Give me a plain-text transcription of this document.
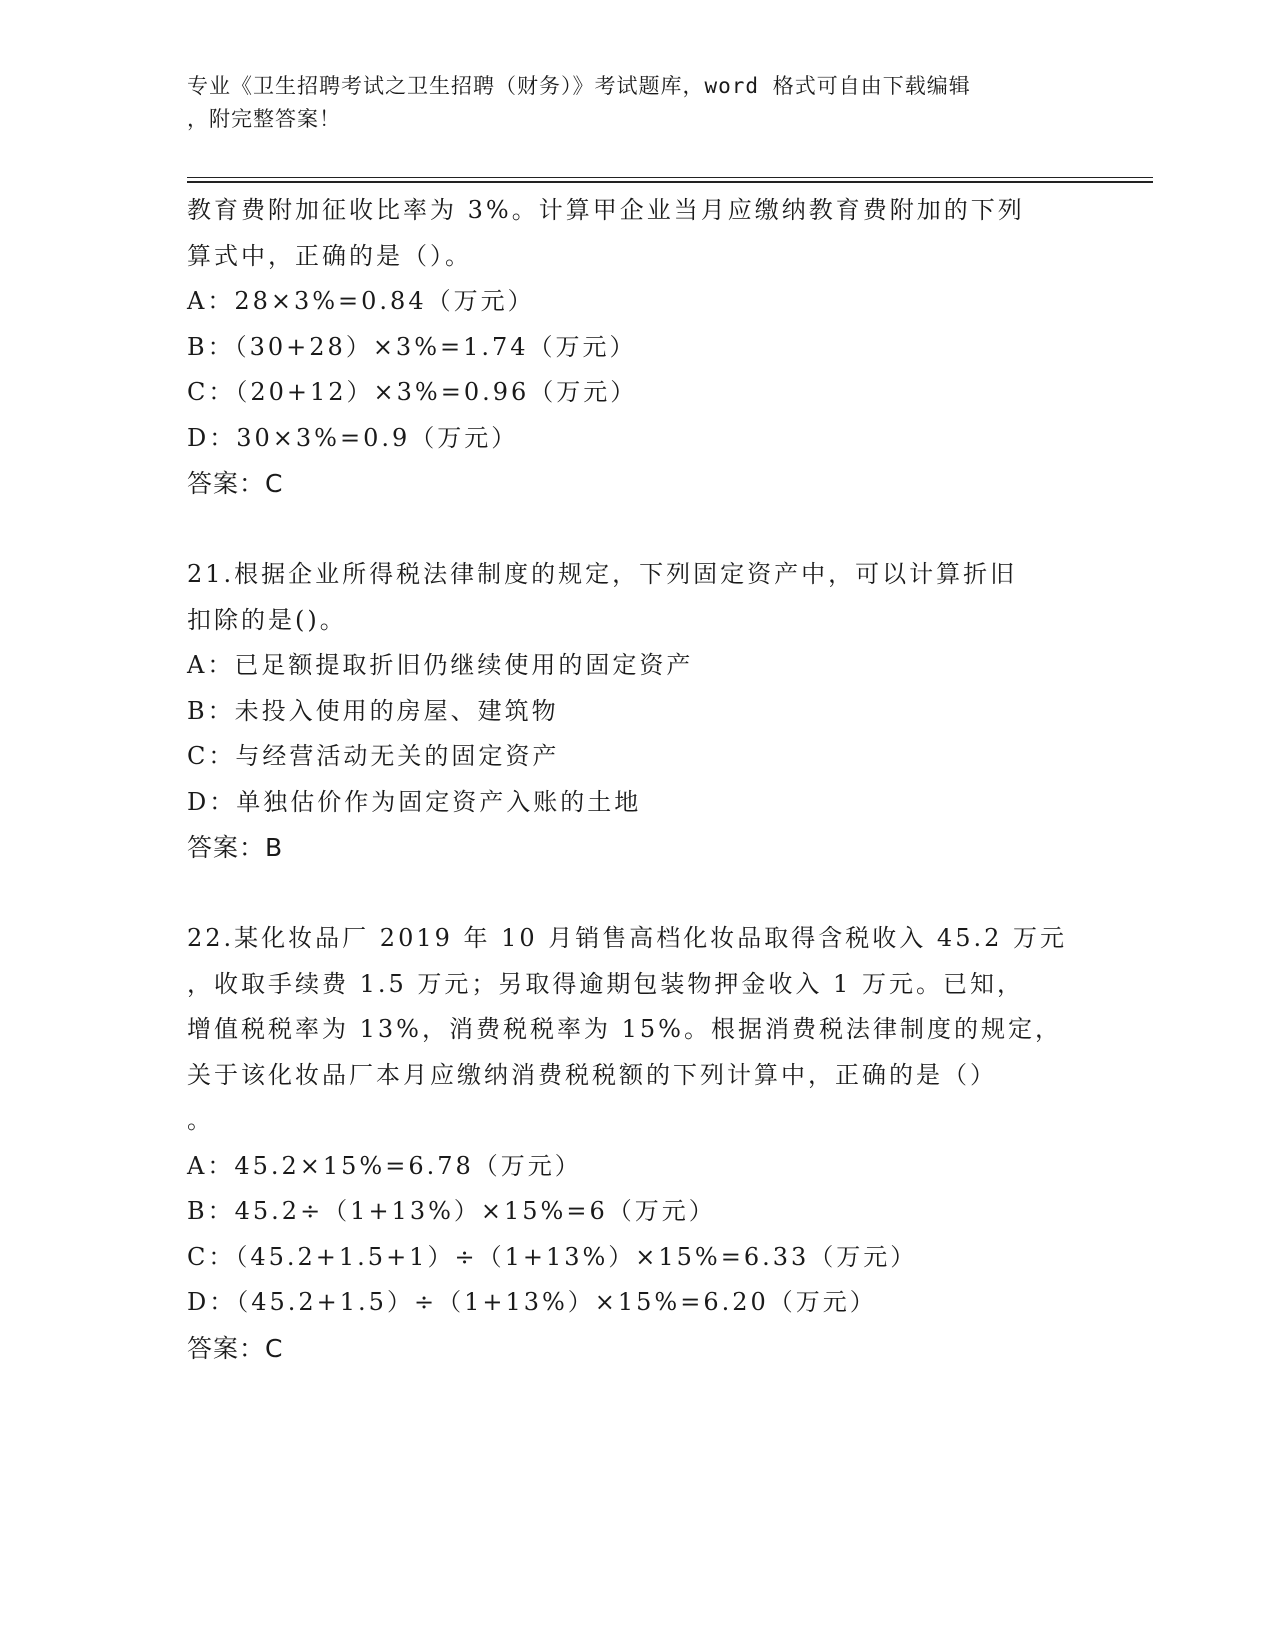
专业《卫生招聘考试之卫生招聘（财务）》考试题库，word 格式可自由下载编辑
，附完整答案！
教育费附加征收比率为 3%。计算甲企业当月应缴纳教育费附加的下列
算式中，正确的是（）。
A：28×3%=0.84（万元）
B：（30+28）×3%=1.74（万元）
C：（20+12）×3%=0.96（万元）
D：30×3%=0.9（万元）
答案：C
21.根据企业所得税法律制度的规定，下列固定资产中，可以计算折旧
扣除的是()。
A：已足额提取折旧仍继续使用的固定资产
B：未投入使用的房屋、建筑物
C：与经营活动无关的固定资产
D：单独估价作为固定资产入账的土地
答案：B
22.某化妆品厂 2019 年 10 月销售高档化妆品取得含税收入 45.2 万元
，收取手续费 1.5 万元；另取得逾期包装物押金收入 1 万元。已知，
增值税税率为 13%，消费税税率为 15%。根据消费税法律制度的规定，
关于该化妆品厂本月应缴纳消费税税额的下列计算中，正确的是（）
。
A：45.2×15%=6.78（万元）
B：45.2÷（1+13%）×15%=6（万元）
C：（45.2+1.5+1）÷（1+13%）×15%=6.33（万元）
D：（45.2+1.5）÷（1+13%）×15%=6.20（万元）
答案：C
